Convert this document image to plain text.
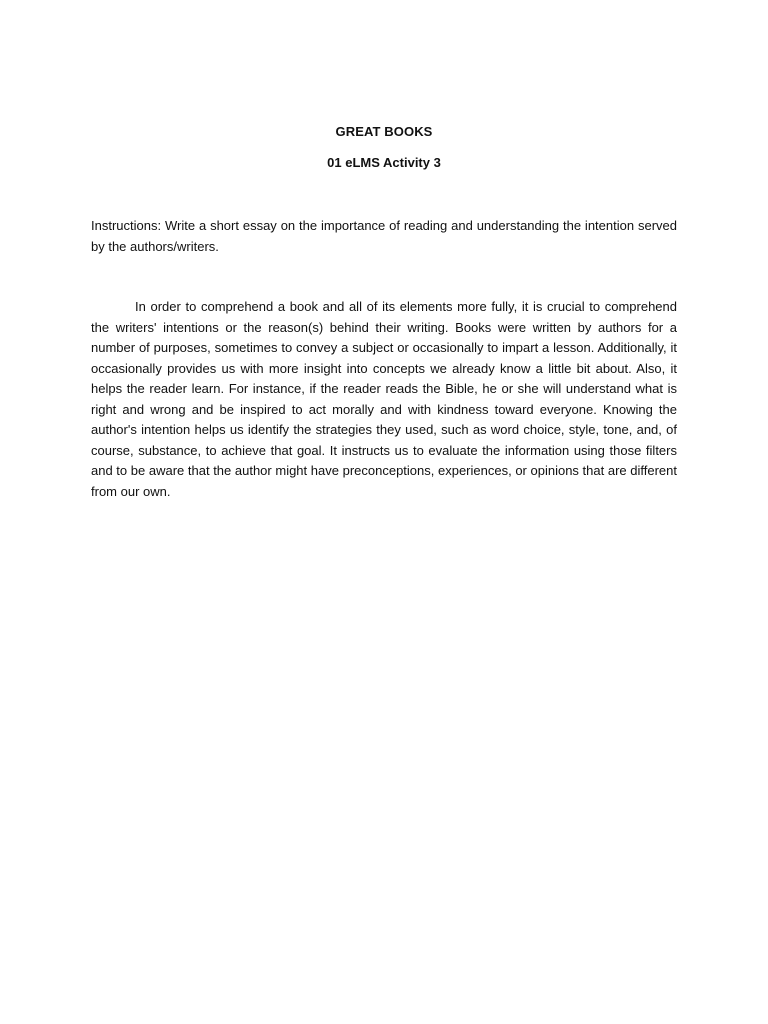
GREAT BOOKS
01 eLMS Activity 3
Instructions: Write a short essay on the importance of reading and understanding the intention served by the authors/writers.

In order to comprehend a book and all of its elements more fully, it is crucial to comprehend the writers' intentions or the reason(s) behind their writing. Books were written by authors for a number of purposes, sometimes to convey a subject or occasionally to impart a lesson. Additionally, it occasionally provides us with more insight into concepts we already know a little bit about. Also, it helps the reader learn. For instance, if the reader reads the Bible, he or she will understand what is right and wrong and be inspired to act morally and with kindness toward everyone. Knowing the author's intention helps us identify the strategies they used, such as word choice, style, tone, and, of course, substance, to achieve that goal. It instructs us to evaluate the information using those filters and to be aware that the author might have preconceptions, experiences, or opinions that are different from our own.
